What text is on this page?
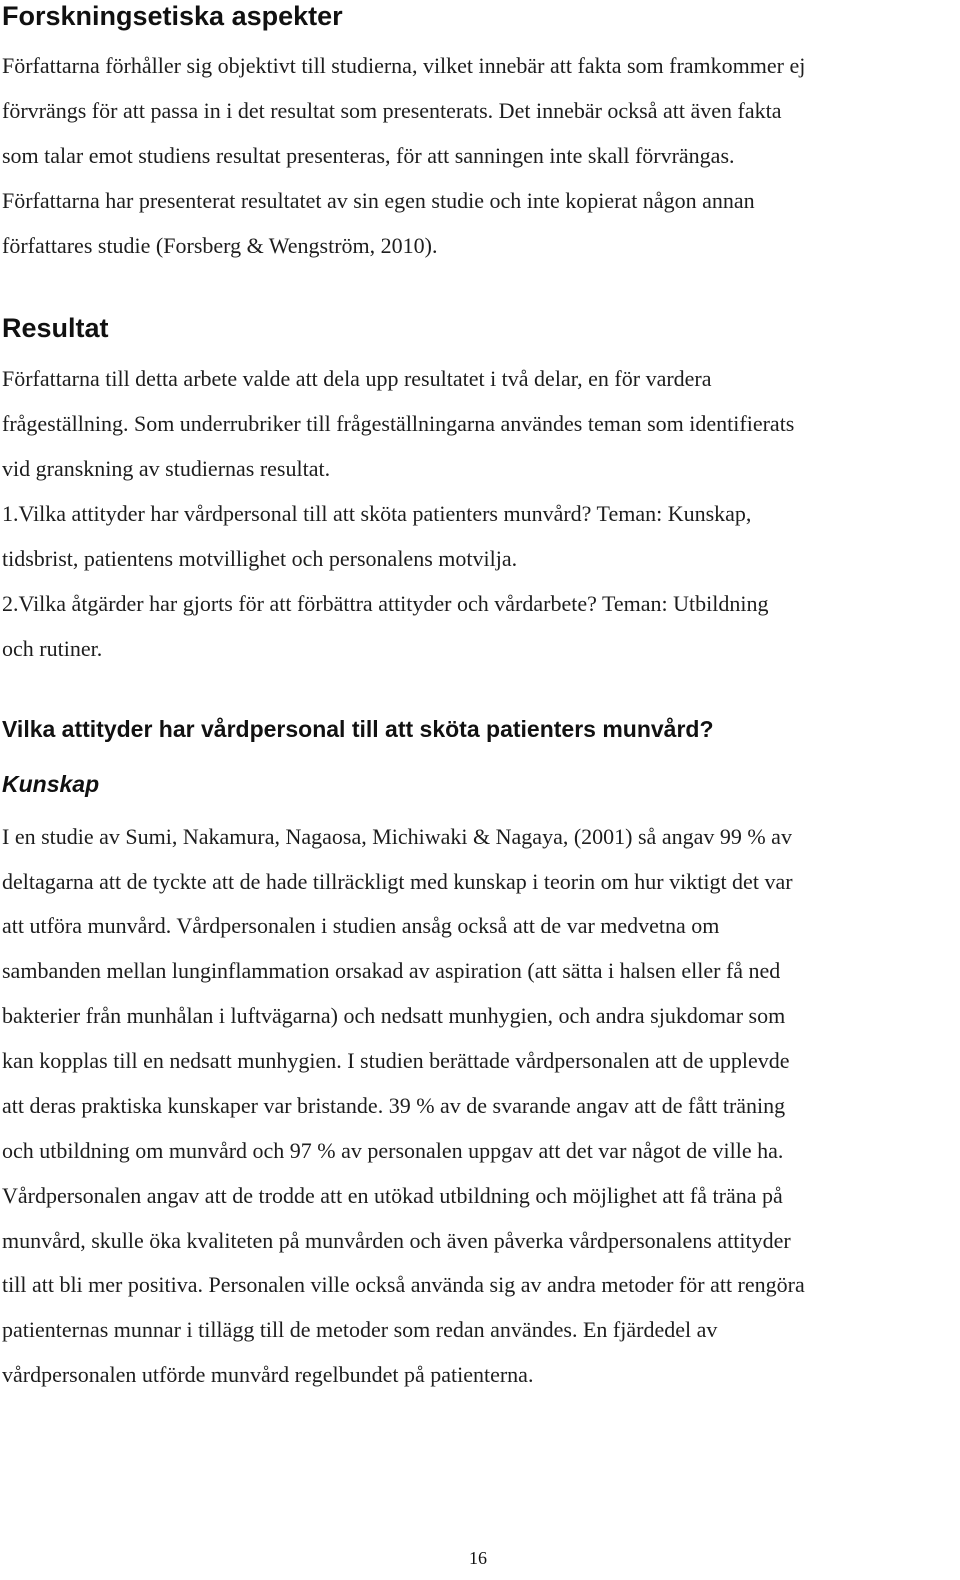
Forskningsetiska aspekter

Författarna förhåller sig objektivt till studierna, vilket innebär att fakta som framkommer ej

förvrängs för att passa in i det resultat som presenterats. Det innebär också att även fakta

som talar emot studiens resultat presenteras, för att sanningen inte skall förvrängas.

Författarna har presenterat resultatet av sin egen studie och inte kopierat någon annan

författares studie (Forsberg & Wengström, 2010).

Resultat

Författarna till detta arbete valde att dela upp resultatet i två delar, en för vardera

frågeställning. Som underrubriker till frågeställningarna användes teman som identifierats

vid granskning av studiernas resultat.

1.Vilka attityder har vårdpersonal till att sköta patienters munvård? Teman: Kunskap,

tidsbrist, patientens motvillighet och personalens motvilja.

2.Vilka åtgärder har gjorts för att förbättra attityder och vårdarbete? Teman: Utbildning

och rutiner.

Vilka attityder har vårdpersonal till att sköta patienters munvård?
Kunskap

I en studie av Sumi, Nakamura, Nagaosa, Michiwaki & Nagaya, (2001) så angav 99 % av

deltagarna att de tyckte att de hade tillräckligt med kunskap i teorin om hur viktigt det var

att utföra munvård. Vårdpersonalen i studien ansåg också att de var medvetna om

sambanden mellan lunginflammation orsakad av aspiration (att sätta i halsen eller få ned

bakterier från munhålan i luftvägarna) och nedsatt munhygien, och andra sjukdomar som

kan kopplas till en nedsatt munhygien. I studien berättade vårdpersonalen att de upplevde

att deras praktiska kunskaper var bristande. 39 % av de svarande angav att de fått träning

och utbildning om munvård och 97 % av personalen uppgav att det var något de ville ha.

Vårdpersonalen angav att de trodde att en utökad utbildning och möjlighet att få träna på

munvård, skulle öka kvaliteten på munvården och även påverka vårdpersonalens attityder

till att bli mer positiva. Personalen ville också använda sig av andra metoder för att rengöra

patienternas munnar i tillägg till de metoder som redan användes. En fjärdedel av

vårdpersonalen utförde munvård regelbundet på patienterna.

16
